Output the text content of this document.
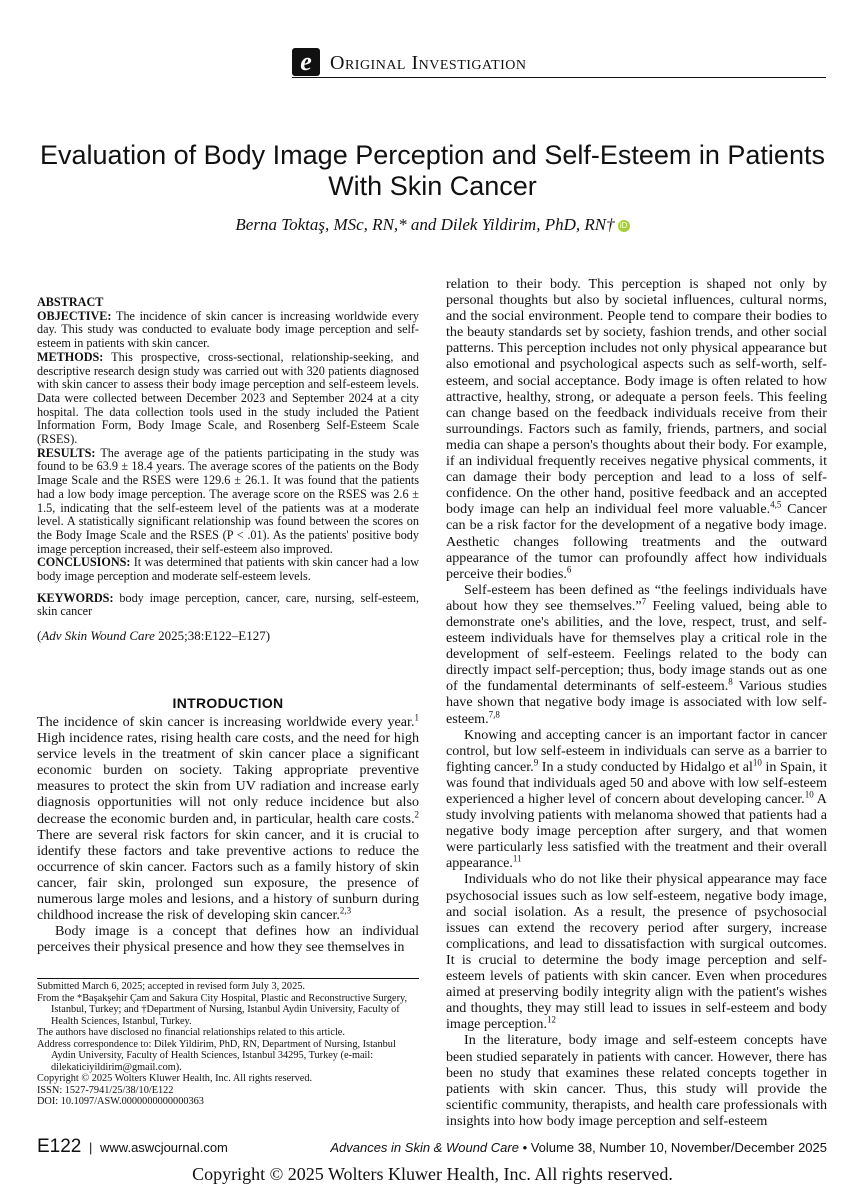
e Original Investigation
Evaluation of Body Image Perception and Self-Esteem in Patients With Skin Cancer
Berna Toktaş, MSc, RN,* and Dilek Yildirim, PhD, RN† iD

ABSTRACT

OBJECTIVE: The incidence of skin cancer is increasing worldwide every day. This study was conducted to evaluate body image perception and self-esteem in patients with skin cancer.

METHODS: This prospective, cross-sectional, relationship-seeking, and descriptive research design study was carried out with 320 patients diagnosed with skin cancer to assess their body image perception and self-esteem levels. Data were collected between December 2023 and September 2024 at a city hospital. The data collection tools used in the study included the Patient Information Form, Body Image Scale, and Rosenberg Self-Esteem Scale (RSES).

RESULTS: The average age of the patients participating in the study was found to be 63.9 ± 18.4 years. The average scores of the patients on the Body Image Scale and the RSES were 129.6 ± 26.1. It was found that the patients had a low body image perception. The average score on the RSES was 2.6 ± 1.5, indicating that the self-esteem level of the patients was at a moderate level. A statistically significant relationship was found between the scores on the Body Image Scale and the RSES (P < .01). As the patients' positive body image perception increased, their self-esteem also improved.

CONCLUSIONS: It was determined that patients with skin cancer had a low body image perception and moderate self-esteem levels.

KEYWORDS: body image perception, cancer, care, nursing, self-esteem, skin cancer

(Adv Skin Wound Care 2025;38:E122–E127)

INTRODUCTION

The incidence of skin cancer is increasing worldwide every year.$^1$ High incidence rates, rising health care costs, and the need for high service levels in the treatment of skin cancer place a significant economic burden on society. Taking appropriate preventive measures to protect the skin from UV radiation and increase early diagnosis opportunities will not only reduce incidence but also decrease the economic burden and, in particular, health care costs.$^2$ There are several risk factors for skin cancer, and it is crucial to identify these factors and take preventive actions to reduce the occurrence of skin cancer. Factors such as a family history of skin cancer, fair skin, prolonged sun exposure, the presence of numerous large moles and lesions, and a history of sunburn during childhood increase the risk of developing skin cancer.$^{2,3}$

Body image is a concept that defines how an individual perceives their physical presence and how they see themselves in

Submitted March 6, 2025; accepted in revised form July 3, 2025.

From the *Başakşehir Çam and Sakura City Hospital, Plastic and Reconstructive Surgery, Istanbul, Turkey; and †Department of Nursing, Istanbul Aydin University, Faculty of Health Sciences, Istanbul, Turkey.

The authors have disclosed no financial relationships related to this article.

Address correspondence to: Dilek Yildirim, PhD, RN, Department of Nursing, Istanbul Aydin University, Faculty of Health Sciences, Istanbul 34295, Turkey (e-mail: dilekaticiyildirim@gmail.com).

Copyright © 2025 Wolters Kluwer Health, Inc. All rights reserved.

ISSN: 1527-7941/25/38/10/E122

DOI: 10.1097/ASW.0000000000000363

relation to their body. This perception is shaped not only by personal thoughts but also by societal influences, cultural norms, and the social environment. People tend to compare their bodies to the beauty standards set by society, fashion trends, and other social patterns. This perception includes not only physical appearance but also emotional and psychological aspects such as self-worth, self-esteem, and social acceptance. Body image is often related to how attractive, healthy, strong, or adequate a person feels. This feeling can change based on the feedback individuals receive from their surroundings. Factors such as family, friends, partners, and social media can shape a person's thoughts about their body. For example, if an individual frequently receives negative physical comments, it can damage their body perception and lead to a loss of self-confidence. On the other hand, positive feedback and an accepted body image can help an individual feel more valuable.$^{4,5}$ Cancer can be a risk factor for the development of a negative body image. Aesthetic changes following treatments and the outward appearance of the tumor can profoundly affect how individuals perceive their bodies.$^6$

Self-esteem has been defined as “the feelings individuals have about how they see themselves.”$^7$ Feeling valued, being able to demonstrate one's abilities, and the love, respect, trust, and self-esteem individuals have for themselves play a critical role in the development of self-esteem. Feelings related to the body can directly impact self-perception; thus, body image stands out as one of the fundamental determinants of self-esteem.$^8$ Various studies have shown that negative body image is associated with low self-esteem.$^{7,8}$

Knowing and accepting cancer is an important factor in cancer control, but low self-esteem in individuals can serve as a barrier to fighting cancer.$^9$ In a study conducted by Hidalgo et $al^{10}$ in Spain, it was found that individuals aged 50 and above with low self-esteem experienced a higher level of concern about developing cancer.$^{10}$ A study involving patients with melanoma showed that patients had a negative body image perception after surgery, and that women were particularly less satisfied with the treatment and their overall appearance.$^{11}$

Individuals who do not like their physical appearance may face psychosocial issues such as low self-esteem, negative body image, and social isolation. As a result, the presence of psychosocial issues can extend the recovery period after surgery, increase complications, and lead to dissatisfaction with surgical outcomes. It is crucial to determine the body image perception and self-esteem levels of patients with skin cancer. Even when procedures aimed at preserving bodily integrity align with the patient's wishes and thoughts, they may still lead to issues in self-esteem and body image perception.$^{12}$

In the literature, body image and self-esteem concepts have been studied separately in patients with cancer. However, there has been no study that examines these related concepts together in patients with skin cancer. Thus, this study will provide the scientific community, therapists, and health care professionals with insights into how body image perception and self-esteem

E122 | www.aswcjournal.com	Advances in Skin & Wound Care • Volume 38, Number 10, November/December 2025
Copyright © 2025 Wolters Kluwer Health, Inc. All rights reserved.
